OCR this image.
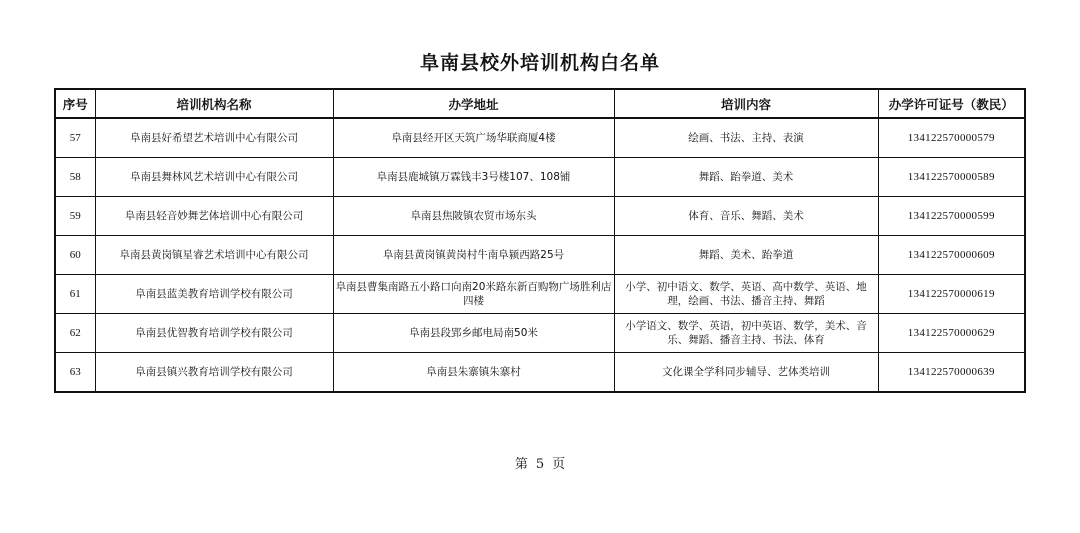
阜南县校外培训机构白名单
序号	培训机构名称	办学地址	培训内容	办学许可证号（教民）
57	阜南县好希望艺术培训中心有限公司	阜南县经开区天筑广场华联商厦4楼	绘画、书法、主持、表演	134122570000579
58	阜南县舞林风艺术培训中心有限公司	阜南县鹿城镇万霖钱丰3号楼107、108铺	舞蹈、跆拳道、美术	134122570000589
59	阜南县轻音妙舞艺体培训中心有限公司	阜南县焦陂镇农贸市场东头	体育、音乐、舞蹈、美术	134122570000599
60	阜南县黄岗镇星睿艺术培训中心有限公司	阜南县黄岗镇黄岗村牛南阜颍西路25号	舞蹈、美术、跆拳道	134122570000609
61	阜南县蓝美教育培训学校有限公司	阜南县曹集南路五小路口向南20米路东新百购物广场胜利店四楼	小学、初中语文、数学、英语、高中数学、英语、地理，绘画、书法、播音主持、舞蹈	134122570000619
62	阜南县优智教育培训学校有限公司	阜南县段郢乡邮电局南50米	小学语文、数学、英语，初中英语、数学，美术、音乐、舞蹈、播音主持、书法、体育	134122570000629
63	阜南县镇兴教育培训学校有限公司	阜南县朱寨镇朱寨村	文化课全学科同步辅导、艺体类培训	134122570000639
第 5 页
